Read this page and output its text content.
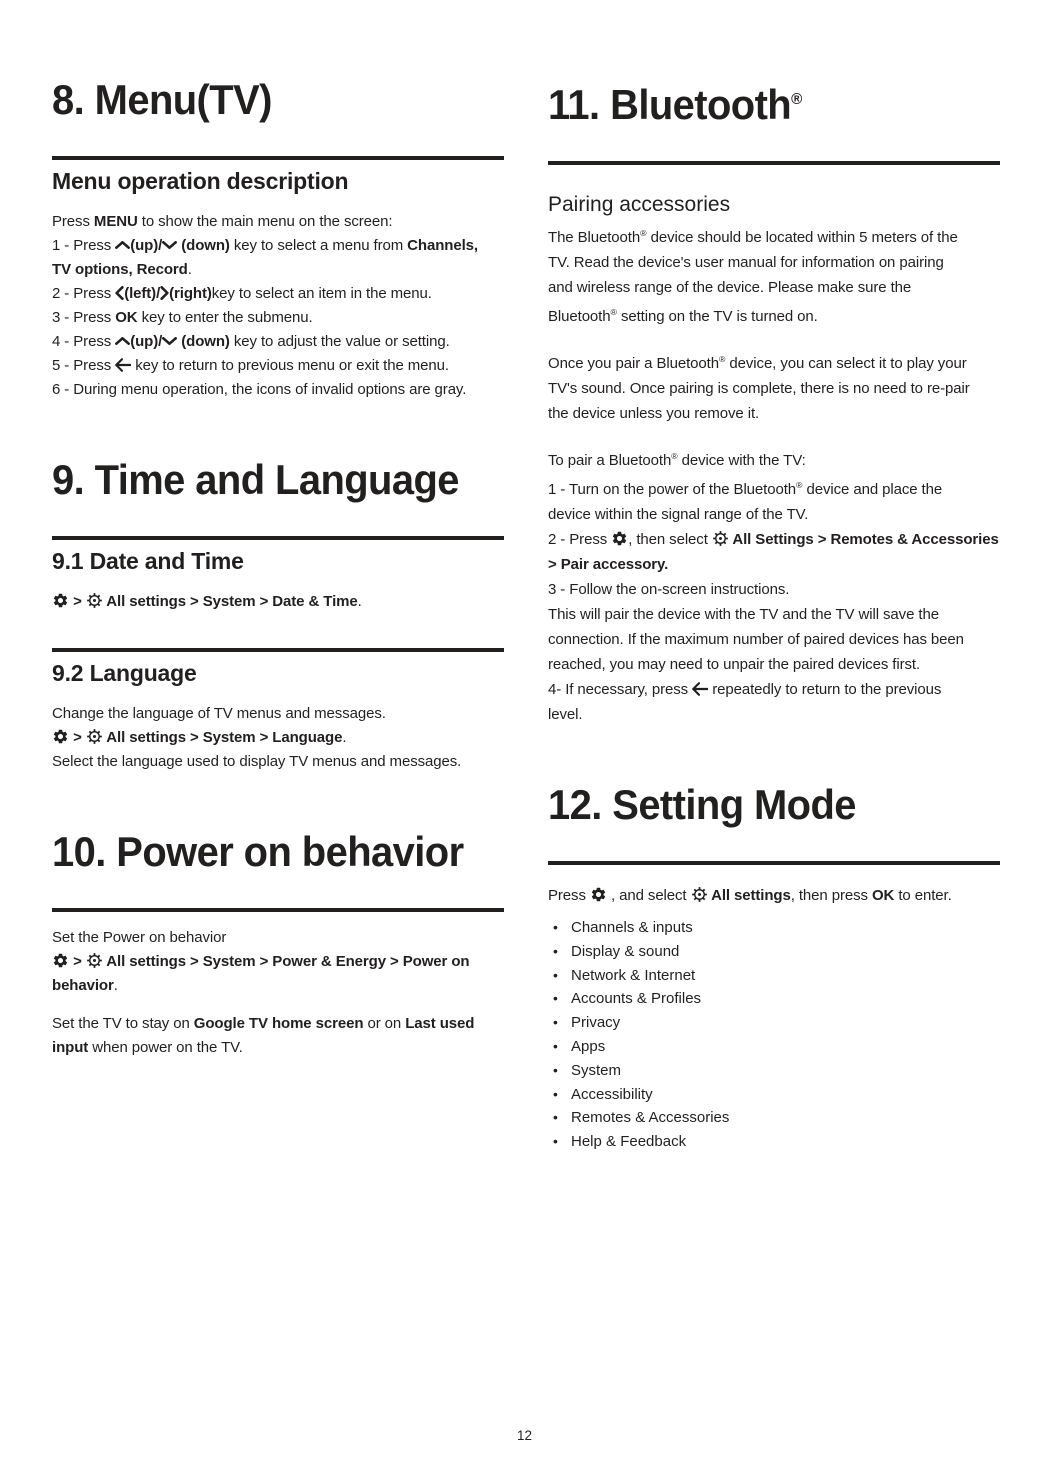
8. Menu(TV)
Menu operation description
Press MENU to show the main menu on the screen:
1 - Press (up)/ (down) key to select a menu from Channels,
TV options, Record.
2 - Press (left)/ (right)key to select an item in the menu.
3 - Press OK key to enter the submenu.
4 - Press (up)/ (down) key to adjust the value or setting.
5 - Press  key to return to previous menu or exit the menu.
6 - During menu operation, the icons of invalid options are gray.
9. Time and Language
9.1 Date and Time
>  All settings > System > Date & Time.
9.2 Language
Change the language of TV menus and messages.
>  All settings > System > Language.
Select the language used to display TV menus and messages.
10. Power on behavior
Set the Power on behavior
>  All settings > System > Power & Energy > Power on
behavior.
Set the TV to stay on Google TV home screen or on Last used
input when power on the TV.
11. Bluetooth®
Pairing accessories
The Bluetooth® device should be located within 5 meters of the
TV. Read the device's user manual for information on pairing
and wireless range of the device. Please make sure the
Bluetooth® setting on the TV is turned on.
Once you pair a Bluetooth® device, you can select it to play your
TV's sound. Once pairing is complete, there is no need to re-pair
the device unless you remove it.
To pair a Bluetooth® device with the TV:
1 - Turn on the power of the Bluetooth® device and place the
device within the signal range of the TV.
2 - Press , then select  All Settings > Remotes & Accessories
> Pair accessory.
3 - Follow the on-screen instructions.
This will pair the device with the TV and the TV will save the
connection. If the maximum number of paired devices has been
reached, you may need to unpair the paired devices first.
4- If necessary, press  repeatedly to return to the previous
level.
12. Setting Mode
Press  , and select  All settings, then press OK to enter.
• Channels & inputs
• Display & sound
• Network & Internet
• Accounts & Profiles
• Privacy
• Apps
• System
• Accessibility
• Remotes & Accessories
• Help & Feedback
12
